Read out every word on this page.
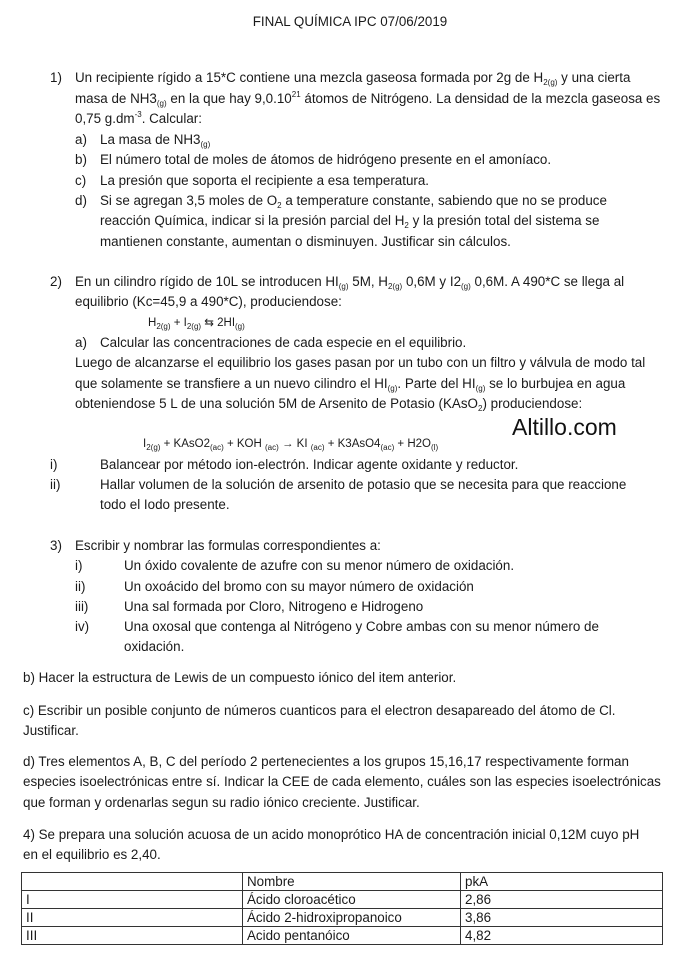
FINAL QUÍMICA IPC 07/06/2019
1) Un recipiente rígido a 15*C contiene una mezcla gaseosa formada por 2g de $H_{2(g)}$ y una cierta
masa de $NH3_{(g)}$ en la que hay 9,0.10$^{21}$ átomos de Nitrógeno. La densidad de la mezcla gaseosa es
0,75 $g.dm^{-3}$. Calcular:
a) La masa de $NH3_{(g)}$
b) El número total de moles de átomos de hidrógeno presente en el amoníaco.
c) La presión que soporta el recipiente a esa temperatura.
d) Si se agregan 3,5 moles de $O_2$ a temperature constante, sabiendo que no se produce
reacción Química, indicar si la presión parcial del $H_2$ y la presión total del sistema se
mantienen constante, aumentan o disminuyen. Justificar sin cálculos.
2) En un cilindro rígido de 10L se introducen $HI_{(g)}$ 5M, $H_{2(g)}$ 0,6M y $I2_{(g)}$ 0,6M. A 490*C se llega al
equilibrio (Kc=45,9 a 490*C), produciendose:
$H_{2(g)} + I_{2(g)}$ ⇆ $2HI_{(g)}$
a) Calcular las concentraciones de cada especie en el equilibrio.
Luego de alcanzarse el equilibrio los gases pasan por un tubo con un filtro y válvula de modo tal
que solamente se transfiere a un nuevo cilindro el $HI_{(g)}$. Parte del $HI_{(g)}$ se lo burbujea en agua
obteniendose 5 L de una solución 5M de Arsenito de Potasio (KAsO$_2$) produciendose:
$I_{2(g)}$ + $KAsO2_{(ac)}$ + KOH $_{(ac)}$ → KI $_{(ac)} + K3AsO4_{(ac)} + H2O_{(l)}$
Altillo.com
i)	Balancear por método ion-electrón. Indicar agente oxidante y reductor.
ii)	Hallar volumen de la solución de arsenito de potasio que se necesita para que reaccione
todo el Iodo presente.
3) Escribir y nombrar las formulas correspondientes a:
i)	Un óxido covalente de azufre con su menor número de oxidación.
ii)	Un oxoácido del bromo con su mayor número de oxidación
iii)	Una sal formada por Cloro, Nitrogeno e Hidrogeno
iv)	Una oxosal que contenga al Nitrógeno y Cobre ambas con su menor número de
oxidación.
b) Hacer la estructura de Lewis de un compuesto iónico del item anterior.
c) Escribir un posible conjunto de números cuanticos para el electron desapareado del átomo de Cl.
Justificar.
d) Tres elementos A, B, C del período 2 pertenecientes a los grupos 15,16,17 respectivamente forman
especies isoelectrónicas entre sí. Indicar la CEE de cada elemento, cuáles son las especies isoelectrónicas
que forman y ordenarlas segun su radio iónico creciente. Justificar.
4) Se prepara una solución acuosa de un acido monoprótico HA de concentración inicial 0,12M cuyo pH
en el equilibrio es 2,40.
	Nombre	pkA
I	Ácido cloroacético	2,86
II	Ácido 2-hidroxipropanoico	3,86
III	Acido pentanóico	4,82
